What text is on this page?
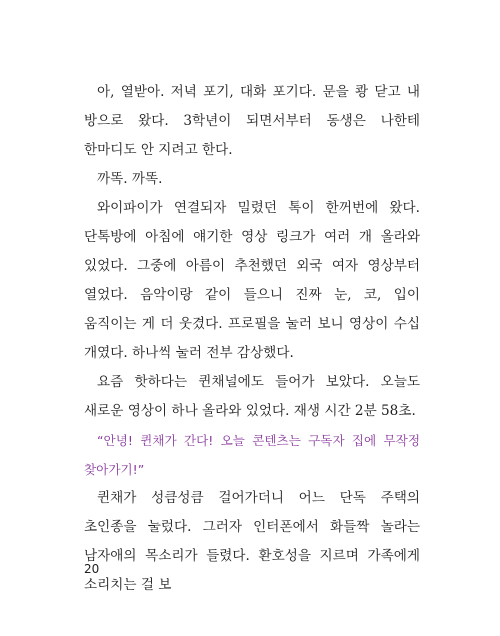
아, 열받아. 저녁 포기, 대화 포기다. 문을 쾅 닫고 내 방으로 왔다. 3학년이 되면서부터 동생은 나한테 한마디도 안 지려고 한다.

까똑. 까똑.

와이파이가 연결되자 밀렸던 톡이 한꺼번에 왔다. 단톡방에 아침에 얘기한 영상 링크가 여러 개 올라와 있었다. 그중에 아름이 추천했던 외국 여자 영상부터 열었다. 음악이랑 같이 들으니 진짜 눈, 코, 입이 움직이는 게 더 웃겼다. 프로필을 눌러 보니 영상이 수십 개였다. 하나씩 눌러 전부 감상했다.

요즘 핫하다는 퀸채널에도 들어가 보았다. 오늘도 새로운 영상이 하나 올라와 있었다. 재생 시간 2분 58초.

“안녕! 퀸채가 간다! 오늘 콘텐츠는 구독자 집에 무작정 찾아가기!”

퀸채가 성큼성큼 걸어가더니 어느 단독 주택의 초인종을 눌렀다. 그러자 인터폰에서 화들짝 놀라는 남자애의 목소리가 들렸다. 환호성을 지르며 가족에게 소리치는 걸 보

20
